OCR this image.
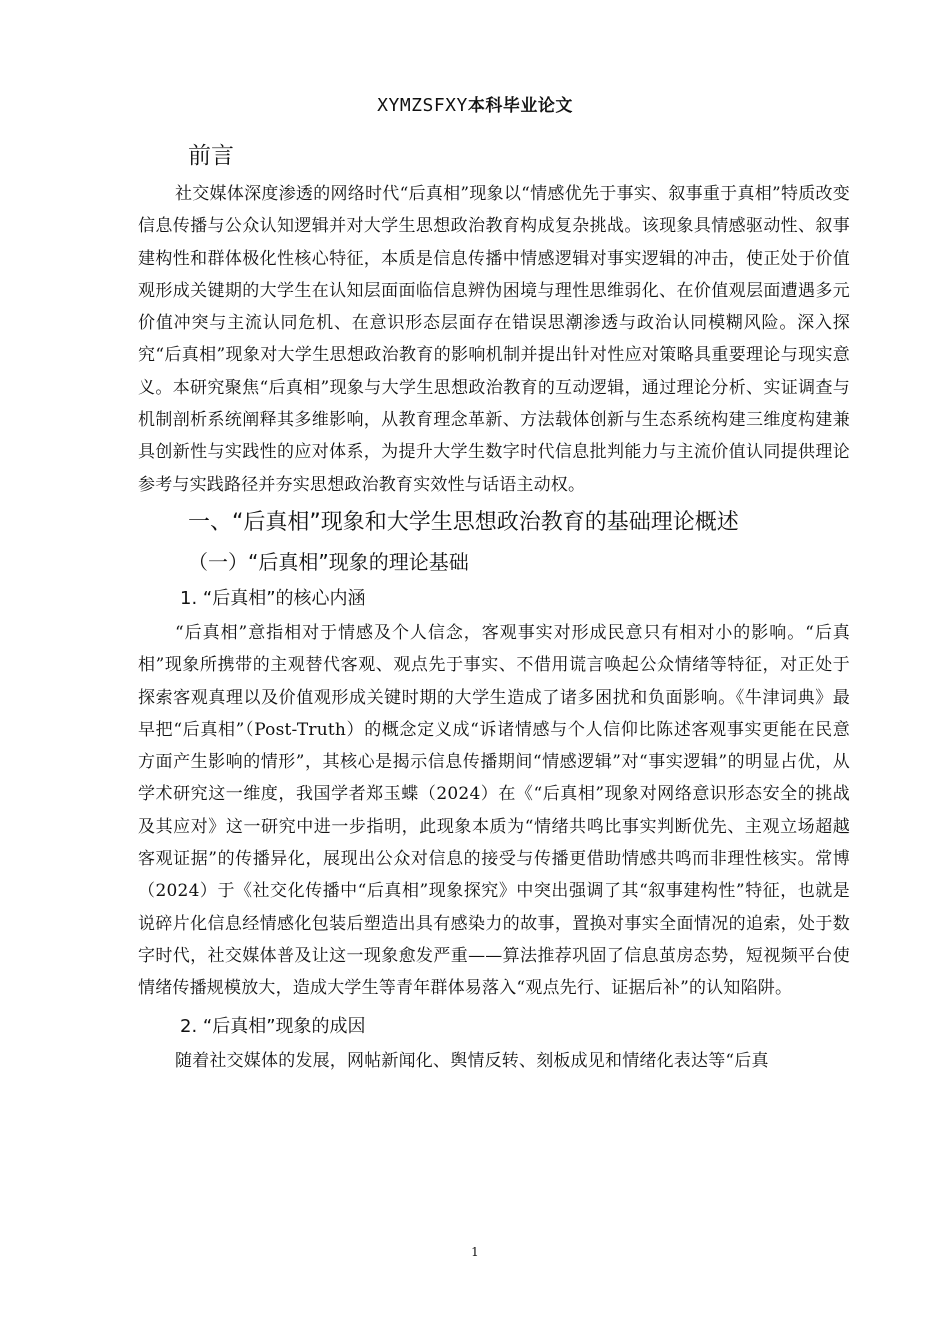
XYMZSFXY本科毕业论文
前言

社交媒体深度渗透的网络时代“后真相”现象以“情感优先于事实、叙事重于真相”特质改变信息传播与公众认知逻辑并对大学生思想政治教育构成复杂挑战。该现象具情感驱动性、叙事建构性和群体极化性核心特征，本质是信息传播中情感逻辑对事实逻辑的冲击，使正处于价值观形成关键期的大学生在认知层面面临信息辨伪困境与理性思维弱化、在价值观层面遭遇多元价值冲突与主流认同危机、在意识形态层面存在错误思潮渗透与政治认同模糊风险。深入探究“后真相”现象对大学生思想政治教育的影响机制并提出针对性应对策略具重要理论与现实意义。本研究聚焦“后真相”现象与大学生思想政治教育的互动逻辑，通过理论分析、实证调查与机制剖析系统阐释其多维影响，从教育理念革新、方法载体创新与生态系统构建三维度构建兼具创新性与实践性的应对体系，为提升大学生数字时代信息批判能力与主流价值认同提供理论参考与实践路径并夯实思想政治教育实效性与话语主动权。

一、“后真相”现象和大学生思想政治教育的基础理论概述
（一）“后真相”现象的理论基础
1. “后真相”的核心内涵

“后真相”意指相对于情感及个人信念，客观事实对形成民意只有相对小的影响。“后真相”现象所携带的主观替代客观、观点先于事实、不借用谎言唤起公众情绪等特征，对正处于探索客观真理以及价值观形成关键时期的大学生造成了诸多困扰和负面影响。《牛津词典》最早把“后真相”（Post-Truth）的概念定义成“诉诸情感与个人信仰比陈述客观事实更能在民意方面产生影响的情形”，其核心是揭示信息传播期间“情感逻辑”对“事实逻辑”的明显占优，从学术研究这一维度，我国学者郑玉蝶（2024）在《“后真相”现象对网络意识形态安全的挑战及其应对》这一研究中进一步指明，此现象本质为“情绪共鸣比事实判断优先、主观立场超越客观证据”的传播异化，展现出公众对信息的接受与传播更借助情感共鸣而非理性核实。常博（2024）于《社交化传播中“后真相”现象探究》中突出强调了其“叙事建构性”特征，也就是说碎片化信息经情感化包装后塑造出具有感染力的故事，置换对事实全面情况的追索，处于数字时代，社交媒体普及让这一现象愈发严重——算法推荐巩固了信息茧房态势，短视频平台使情绪传播规模放大，造成大学生等青年群体易落入“观点先行、证据后补”的认知陷阱。

2. “后真相”现象的成因

随着社交媒体的发展，网帖新闻化、舆情反转、刻板成见和情绪化表达等“后真

1
